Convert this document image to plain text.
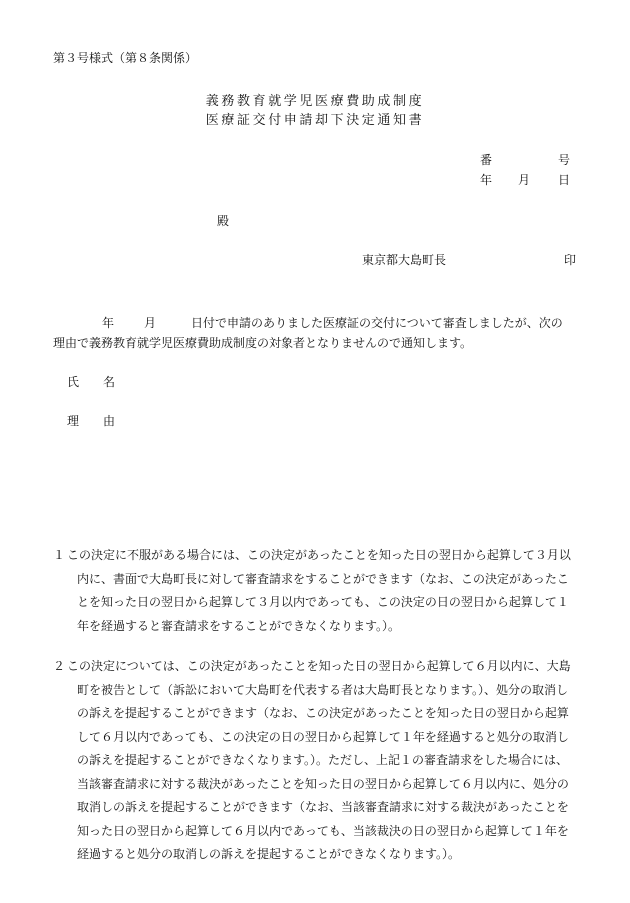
第３号様式（第８条関係）
義務教育就学児医療費助成制度
医療証交付申請却下決定通知書
番	号
年 月 日
殿
東京都大島町長	印
年	月	日付で申請のありました医療証の交付について審査しましたが、次の
理由で義務教育就学児医療費助成制度の対象者となりませんので通知します。
氏 名
理 由
１ この決定に不服がある場合には、この決定があったことを知った日の翌日から起算して３月以内に、書面で大島町長に対して審査請求をすることができます（なお、この決定があったことを知った日の翌日から起算して３月以内であっても、この決定の日の翌日から起算して１年を経過すると審査請求をすることができなくなります。）。
２ この決定については、この決定があったことを知った日の翌日から起算して６月以内に、大島町を被告として（訴訟において大島町を代表する者は大島町長となります。）、処分の取消しの訴えを提起することができます（なお、この決定があったことを知った日の翌日から起算して６月以内であっても、この決定の日の翌日から起算して１年を経過すると処分の取消しの訴えを提起することができなくなります。）。ただし、上記１の審査請求をした場合には、当該審査請求に対する裁決があったことを知った日の翌日から起算して６月以内に、処分の取消しの訴えを提起することができます（なお、当該審査請求に対する裁決があったことを知った日の翌日から起算して６月以内であっても、当該裁決の日の翌日から起算して１年を経過すると処分の取消しの訴えを提起することができなくなります。）。
